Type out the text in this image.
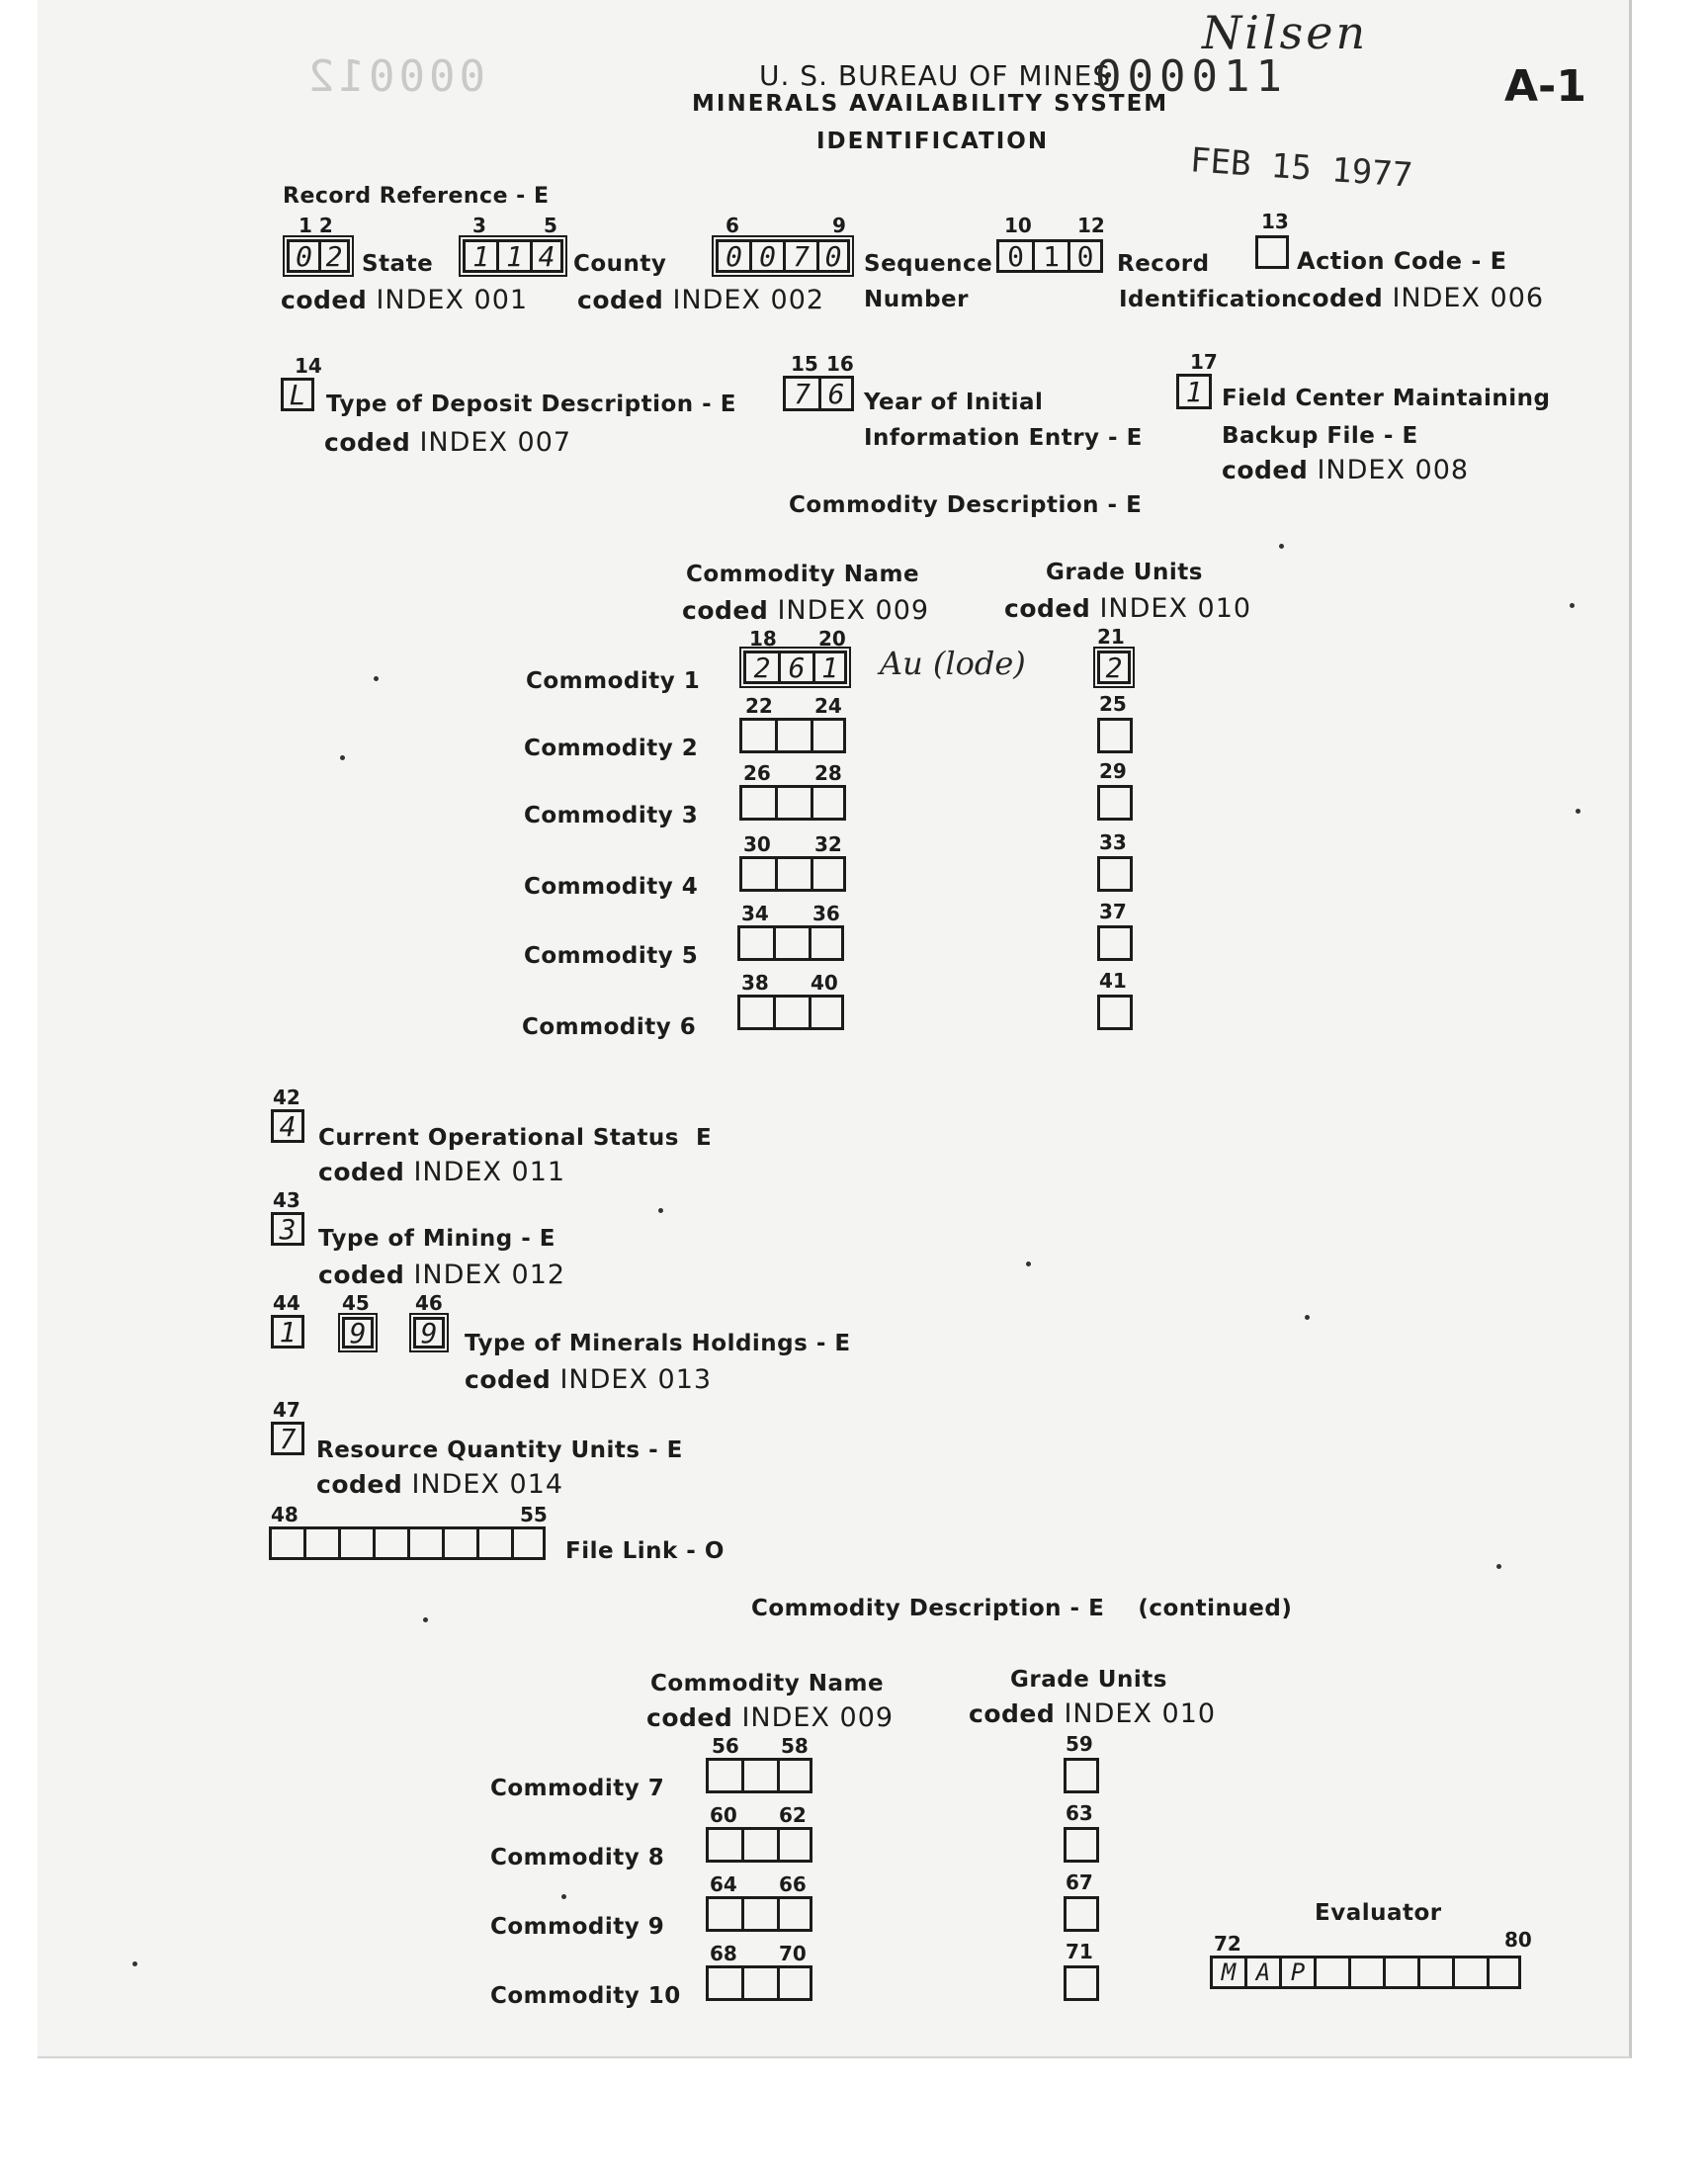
000012
Nilsen
U. S. BUREAU OF MINES
000011	A-1
MINERALS AVAILABILITY SYSTEM
IDENTIFICATION	FEB 15 1977
Record Reference - E
1 2
0 2 State
coded INDEX 001
3	5
1 1 4 County
coded INDEX 002
6	9
0 0 7 0 Sequence
Number
10 12
0 1 0	Record
Identification
13
Action Code - E
coded INDEX 006
14
L Type of Deposit Description - E
coded INDEX 007
15 16
7 6 Year of Initial
Information Entry - E
17
1 Field Center Maintaining
Backup File - E
coded INDEX 008
Commodity Description - E
Commodity Name
coded INDEX 009
Grade Units
coded INDEX 010
18 20	21
Commodity 1	2 6 1 Au (lode)	2
22 24	25
Commodity 2
26 28	29
Commodity 3
30 32	33
Commodity 4
34 36	37
Commodity 5
38 40	41
Commodity 6
42
4 Current Operational Status E
coded INDEX 011
43
3 Type of Mining - E
coded INDEX 012
44 45 46
1	9 9	Type of Minerals Holdings - E
coded INDEX 013
47
7 Resource Quantity Units - E
coded INDEX 014
48	55
File Link - O
Commodity Description - E (continued)
Commodity Name
coded INDEX 009
Grade Units
coded INDEX 010
56 58	59
Commodity 7
60 62	63
Commodity 8
64 66	67
Commodity 9
68 70	71
Commodity 10
Evaluator
72	80
M A P
